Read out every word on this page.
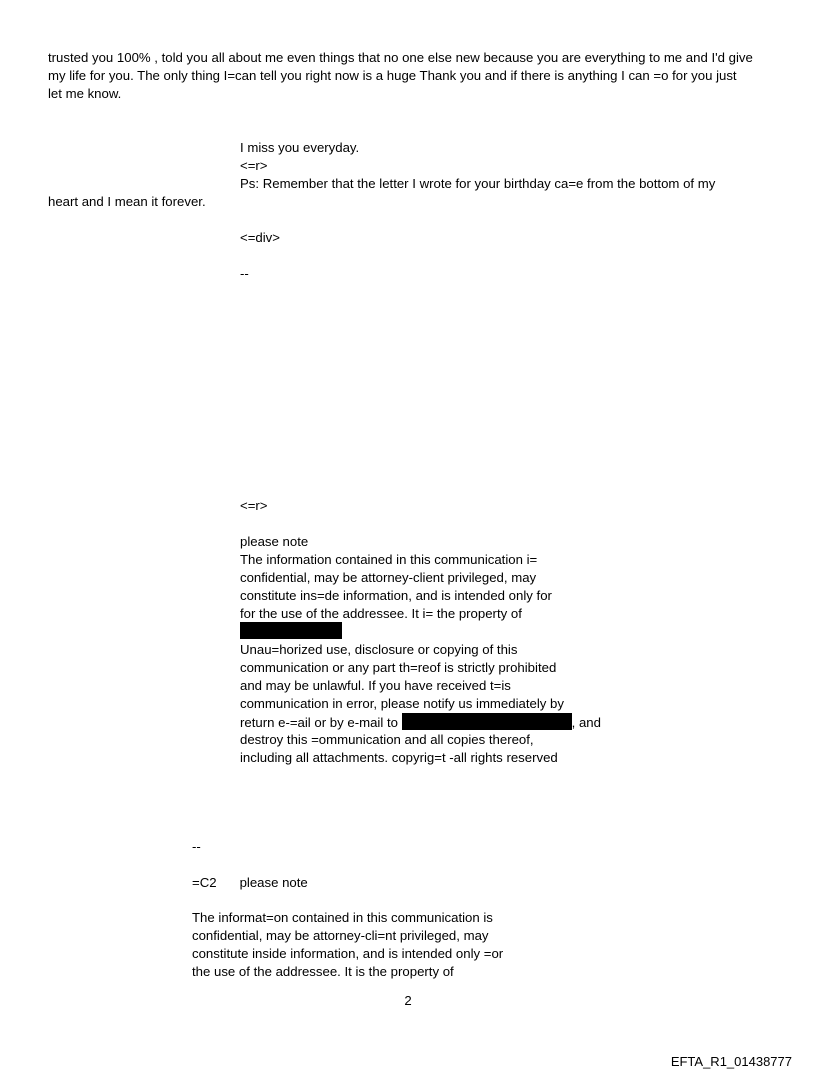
trusted you 100% , told you all about me even things that no one else new because you are everything to me and I'd give
my life for you. The only thing I=can tell you right now is a huge Thank you and if there is anything I can =o for you just
let me know.
I miss you everyday.
<=r>
Ps: Remember that the letter I wrote for your birthday ca=e from the bottom of my
heart and I mean it forever.
<=div>
--
<=r>
please note
The information contained in this communication i=
confidential, may be attorney-client privileged, may
constitute ins=de information, and is intended only for
for the use of the addressee. It i= the property of
Unau=horized use, disclosure or copying of this
communication or any part th=reof is strictly prohibited
and may be unlawful. If you have received t=is
communication in error, please notify us immediately by
return e-=ail or by e-mail to	, and
destroy this =ommunication and all copies thereof,
including all attachments. copyrig=t -all rights reserved
--
=C2 please note
The informat=on contained in this communication is
confidential, may be attorney-cli=nt privileged, may
constitute inside information, and is intended only =or
the use of the addressee. It is the property of
2
EFTA_R1_01438777
